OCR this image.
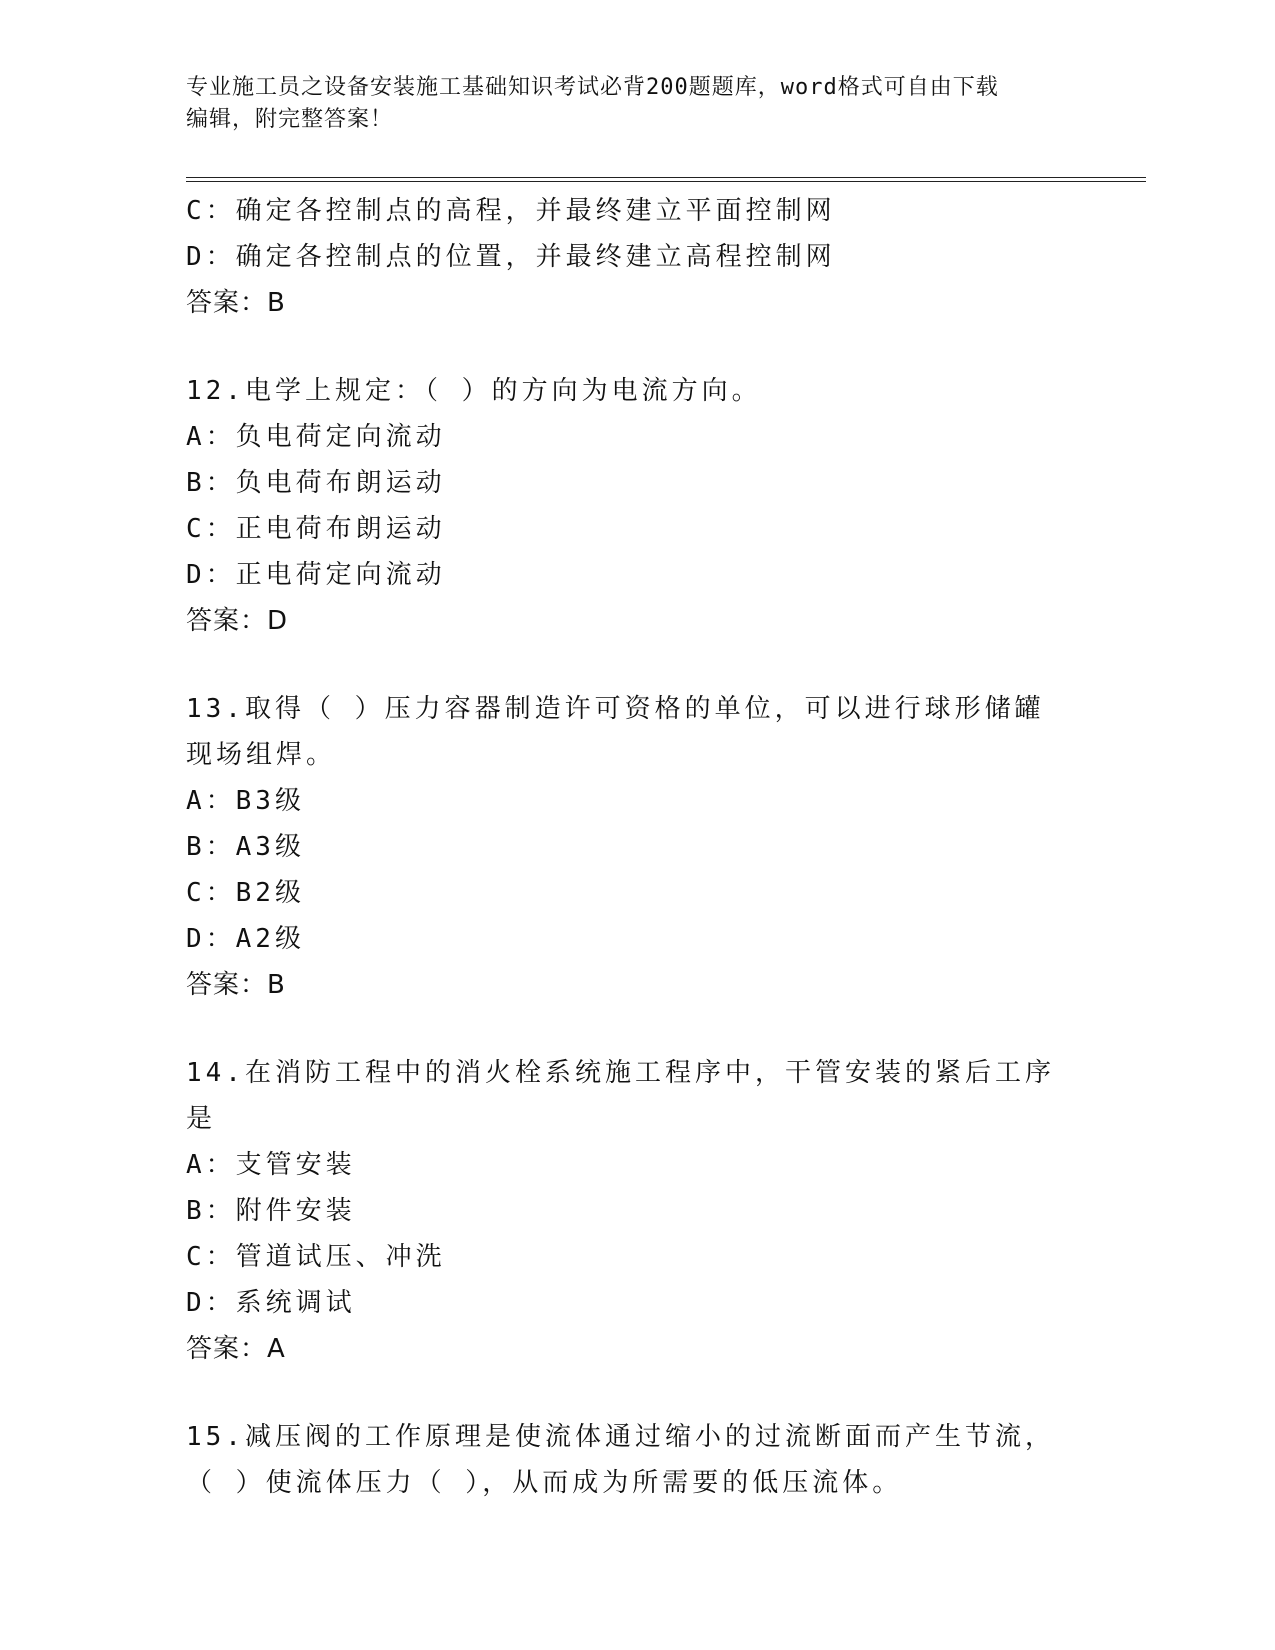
专业施工员之设备安装施工基础知识考试必背200题题库，word格式可自由下载
编辑，附完整答案！
C：确定各控制点的高程，并最终建立平面控制网
D：确定各控制点的位置，并最终建立高程控制网
答案：B
12.电学上规定：（ ）的方向为电流方向。
A：负电荷定向流动
B：负电荷布朗运动
C：正电荷布朗运动
D：正电荷定向流动
答案：D
13.取得（ ）压力容器制造许可资格的单位，可以进行球形储罐现场组焊。
A：B3级
B：A3级
C：B2级
D：A2级
答案：B
14.在消防工程中的消火栓系统施工程序中，干管安装的紧后工序是
A：支管安装
B：附件安装
C：管道试压、冲洗
D：系统调试
答案：A
15.减压阀的工作原理是使流体通过缩小的过流断面而产生节流，（ ）使流体压力（ ），从而成为所需要的低压流体。
